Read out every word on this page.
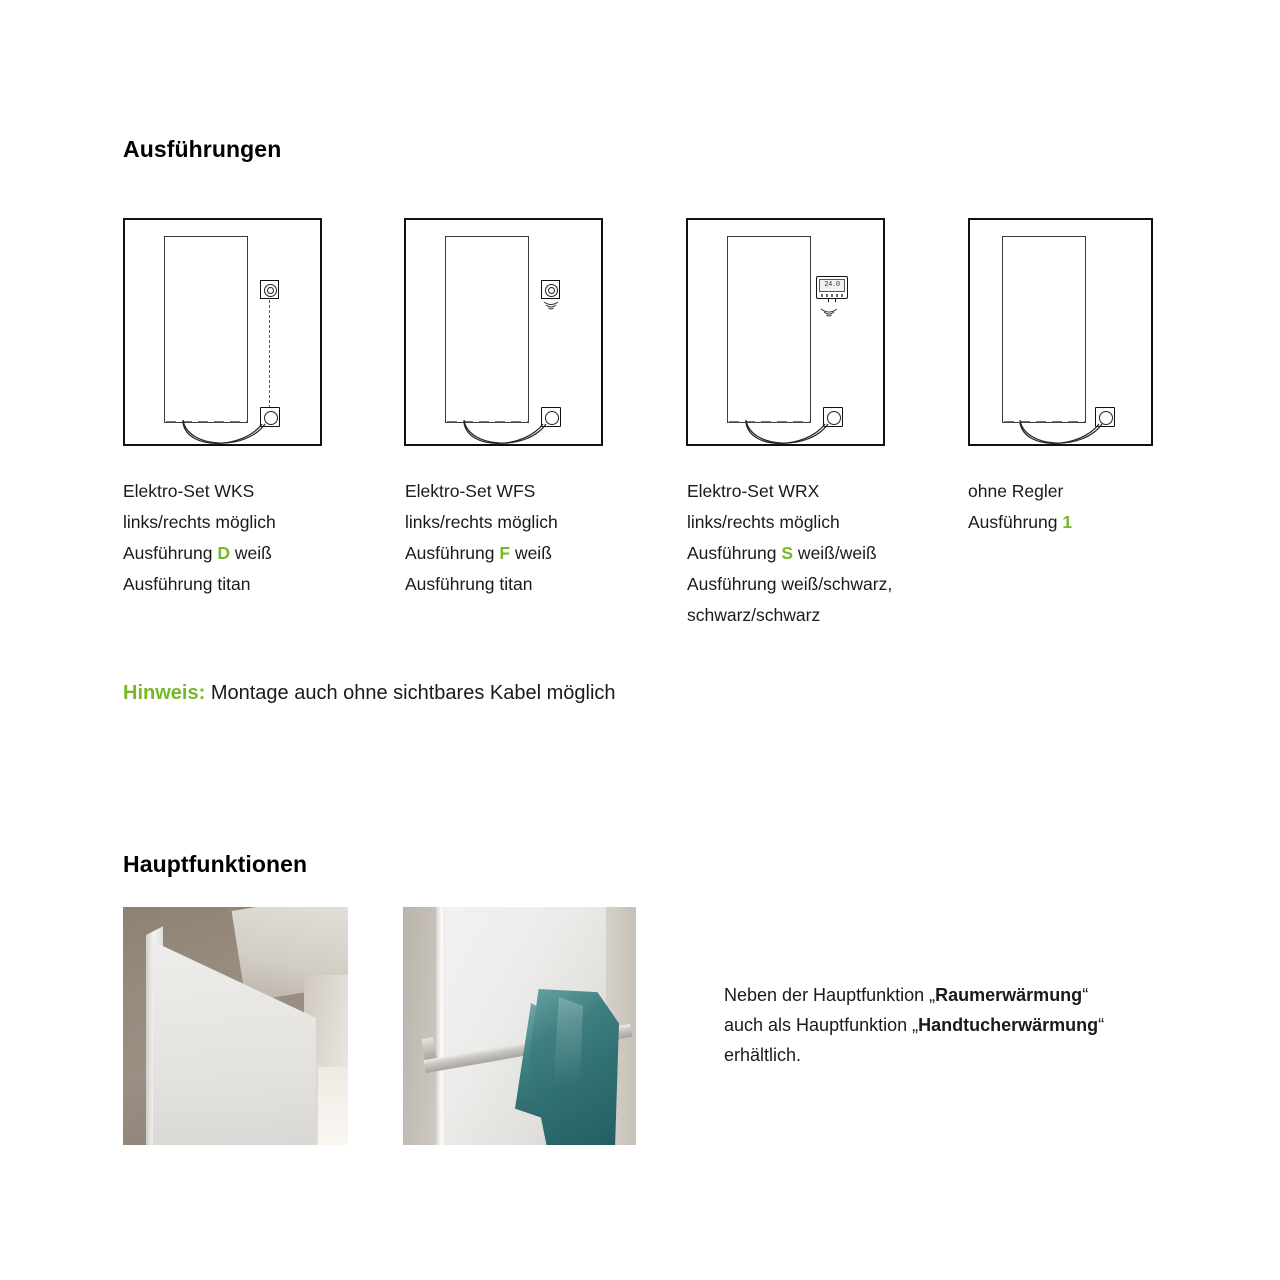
Ausführungen
Hauptfunktionen
24.0
Elektro-Set WKS
links/rechts möglich
Ausführung D weiß
Ausführung titan
Elektro-Set WFS
links/rechts möglich
Ausführung F weiß
Ausführung titan
Elektro-Set WRX
links/rechts möglich
Ausführung S weiß/weiß
Ausführung weiß/schwarz,
schwarz/schwarz
ohne Regler
Ausführung 1
Hinweis: Montage auch ohne sichtbares Kabel möglich
Neben der Hauptfunktion „Raumerwärmung“
auch als Hauptfunktion „Handtucherwärmung“
erhältlich.
